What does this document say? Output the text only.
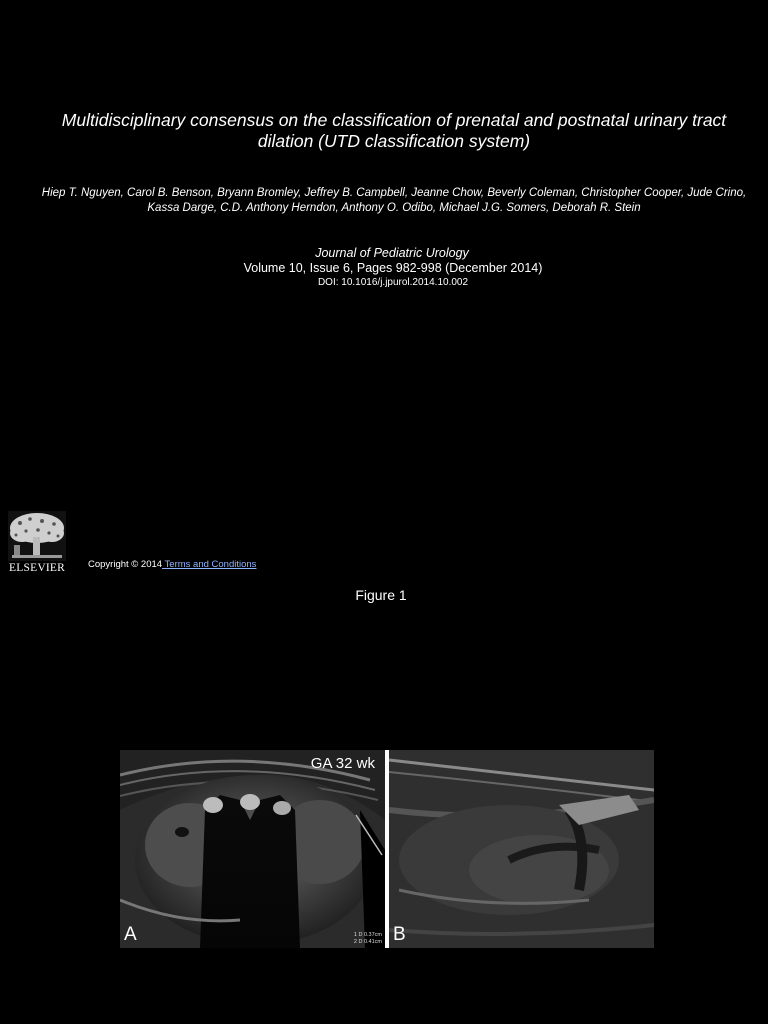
Multidisciplinary consensus on the classification of prenatal and postnatal urinary tract dilation (UTD classification system)
Hiep T. Nguyen, Carol B. Benson, Bryann Bromley, Jeffrey B. Campbell, Jeanne Chow, Beverly Coleman, Christopher Cooper, Jude Crino, Kassa Darge, C.D. Anthony Herndon, Anthony O. Odibo, Michael J.G. Somers, Deborah R. Stein
Journal of Pediatric Urology
Volume 10, Issue 6, Pages 982-998 (December 2014)
DOI: 10.1016/j.jpurol.2014.10.002
ELSEVIER Copyright © 2014 Terms and Conditions
Figure 1
GA 32 wk
A	1 D 0.37cm
2 D 0.41cm B
